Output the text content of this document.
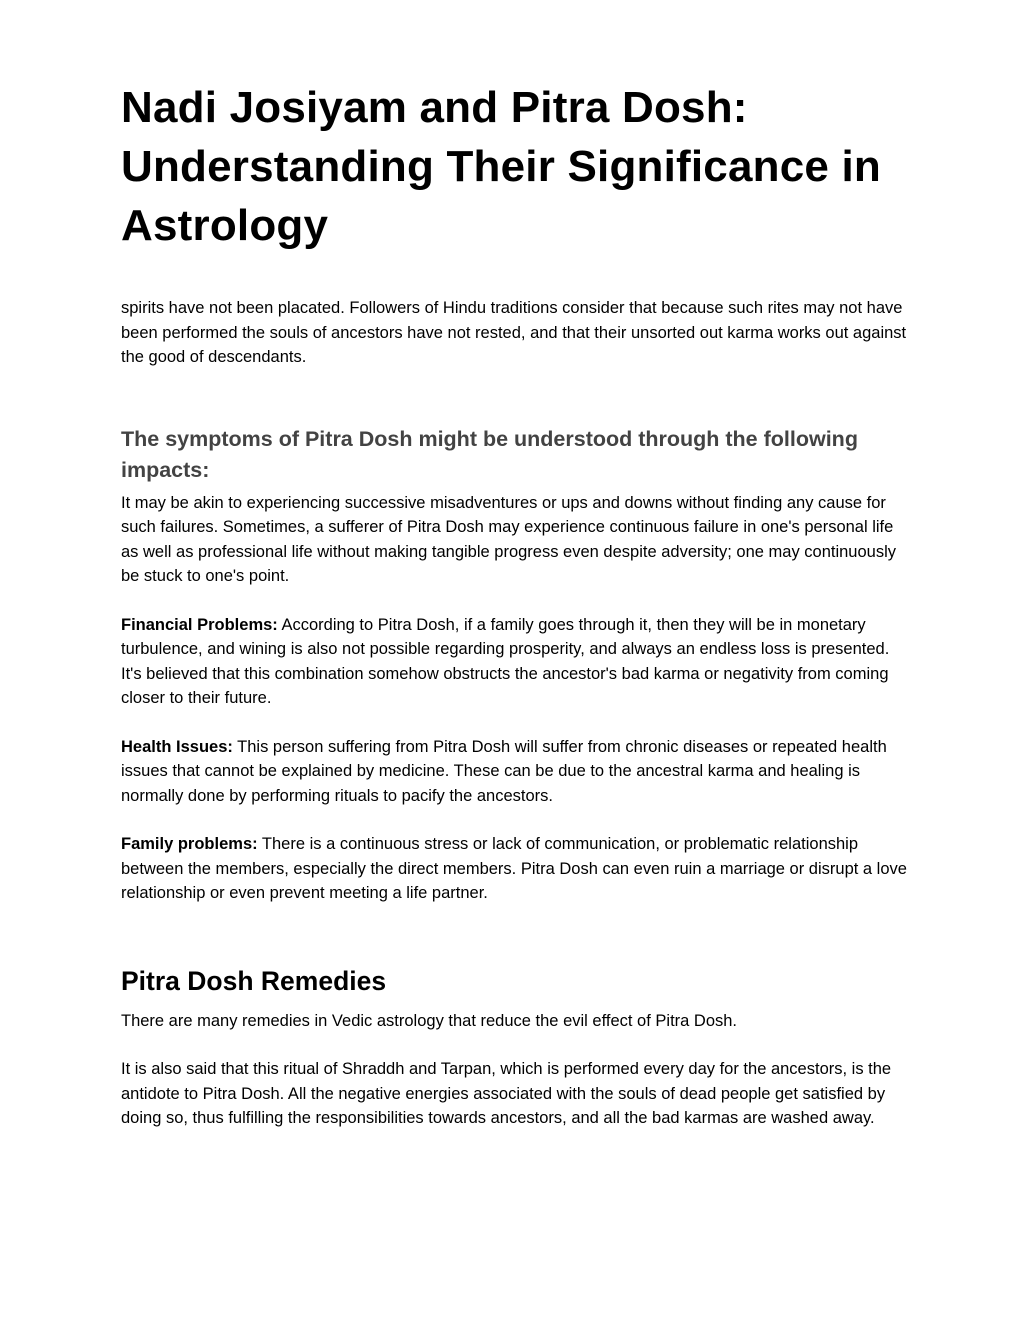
Nadi Josiyam and Pitra Dosh: Understanding Their Significance in Astrology

spirits have not been placated. Followers of Hindu traditions consider that because such rites may not have been performed the souls of ancestors have not rested, and that their unsorted out karma works out against the good of descendants.

The symptoms of Pitra Dosh might be understood through the following impacts:

It may be akin to experiencing successive misadventures or ups and downs without finding any cause for such failures. Sometimes, a sufferer of Pitra Dosh may experience continuous failure in one's personal life as well as professional life without making tangible progress even despite adversity; one may continuously be stuck to one's point.

Financial Problems: According to Pitra Dosh, if a family goes through it, then they will be in monetary turbulence, and wining is also not possible regarding prosperity, and always an endless loss is presented. It's believed that this combination somehow obstructs the ancestor's bad karma or negativity from coming closer to their future.

Health Issues: This person suffering from Pitra Dosh will suffer from chronic diseases or repeated health issues that cannot be explained by medicine. These can be due to the ancestral karma and healing is normally done by performing rituals to pacify the ancestors.

Family problems: There is a continuous stress or lack of communication, or problematic relationship between the members, especially the direct members. Pitra Dosh can even ruin a marriage or disrupt a love relationship or even prevent meeting a life partner.

Pitra Dosh Remedies

There are many remedies in Vedic astrology that reduce the evil effect of Pitra Dosh.

It is also said that this ritual of Shraddh and Tarpan, which is performed every day for the ancestors, is the antidote to Pitra Dosh. All the negative energies associated with the souls of dead people get satisfied by doing so, thus fulfilling the responsibilities towards ancestors, and all the bad karmas are washed away.
